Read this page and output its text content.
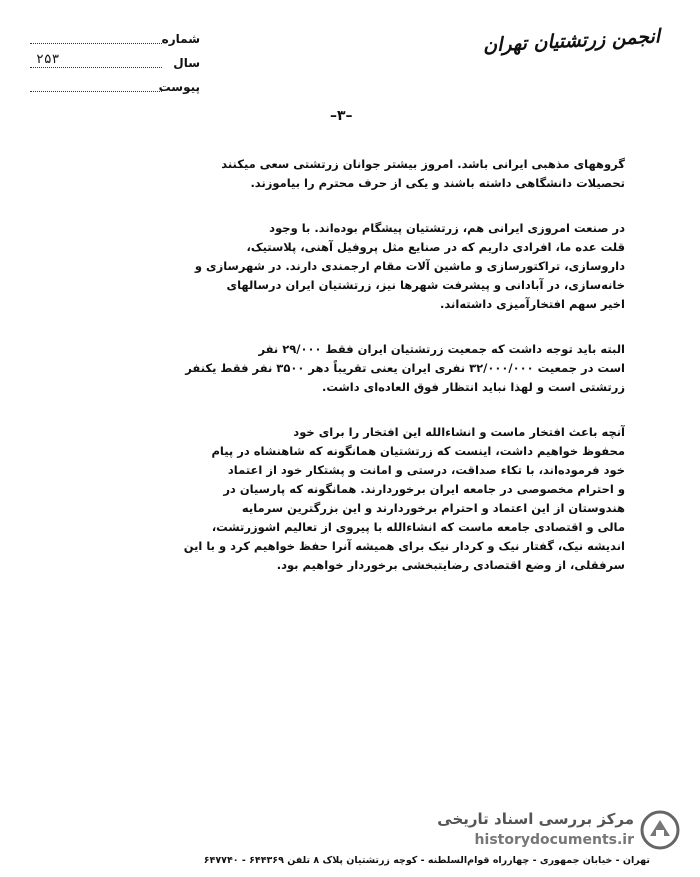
انجمن زرتشتیان تهران
شماره
سال
۲۵۳
پیوست
–۳–

گروههای مذهبی ایرانی باشد. امروز بیشتر جوانان زرتشتی سعی میکنند
تحصیلات دانشگاهی داشته باشند و یکی از حرف محترم را بیاموزند.

در صنعت امروزی ایرانی هم، زرتشتیان پیشگام بوده‌اند. با وجود
قلت عده ما، افرادی داریم که در صنایع مثل پروفیل آهنی، پلاستیک،
داروسازی، تراکتورسازی و ماشین آلات مقام ارجمندی دارند. در شهرسازی و
خانه‌سازی، در آبادانی و پیشرفت شهرها نیز، زرتشتیان ایران درسالهای
اخیر سهم افتخارآمیزی داشته‌اند.

البته باید توجه داشت که جمعیت زرتشتیان ایران فقط ۲۹/۰۰۰ نفر
است در جمعیت ۳۲/۰۰۰/۰۰۰ نفری ایران یعنی تقریباً دهر ۳۵۰۰ نفر فقط یکنفر
زرتشتی است و لهذا نباید انتظار فوق العاده‌ای داشت.

آنچه باعث افتخار ماست و انشاءالله این افتخار را برای خود
محفوظ خواهیم داشت، اینست که زرتشتیان همانگونه که شاهنشاه در پیام
خود فرموده‌اند، با تکاء صداقت، درستی و امانت و پشتکار خود از اعتماد
و احترام مخصوصی در جامعه ایران برخوردارند. همانگونه که پارسیان در
هندوستان از این اعتماد و احترام برخوردارند و این بزرگترین سرمایه
مالی و اقتصادی جامعه ماست که انشاءالله با پیروی از تعالیم اشوزرتشت،
اندیشه نیک، گفتار نیک و کردار نیک برای همیشه آنرا حفظ خواهیم کرد و با این
سرفقلی، از وضع اقتصادی رضایتبخشی برخوردار خواهیم بود.

مرکز بررسی اسناد تاریخی
historydocuments.ir
تهران - خیابان جمهوری - چهارراه قوام‌السلطنه - کوچه زرتشتیان پلاک ۸ تلفن ۶۴۴۳۶۹ - ۶۴۷۷۴۰
